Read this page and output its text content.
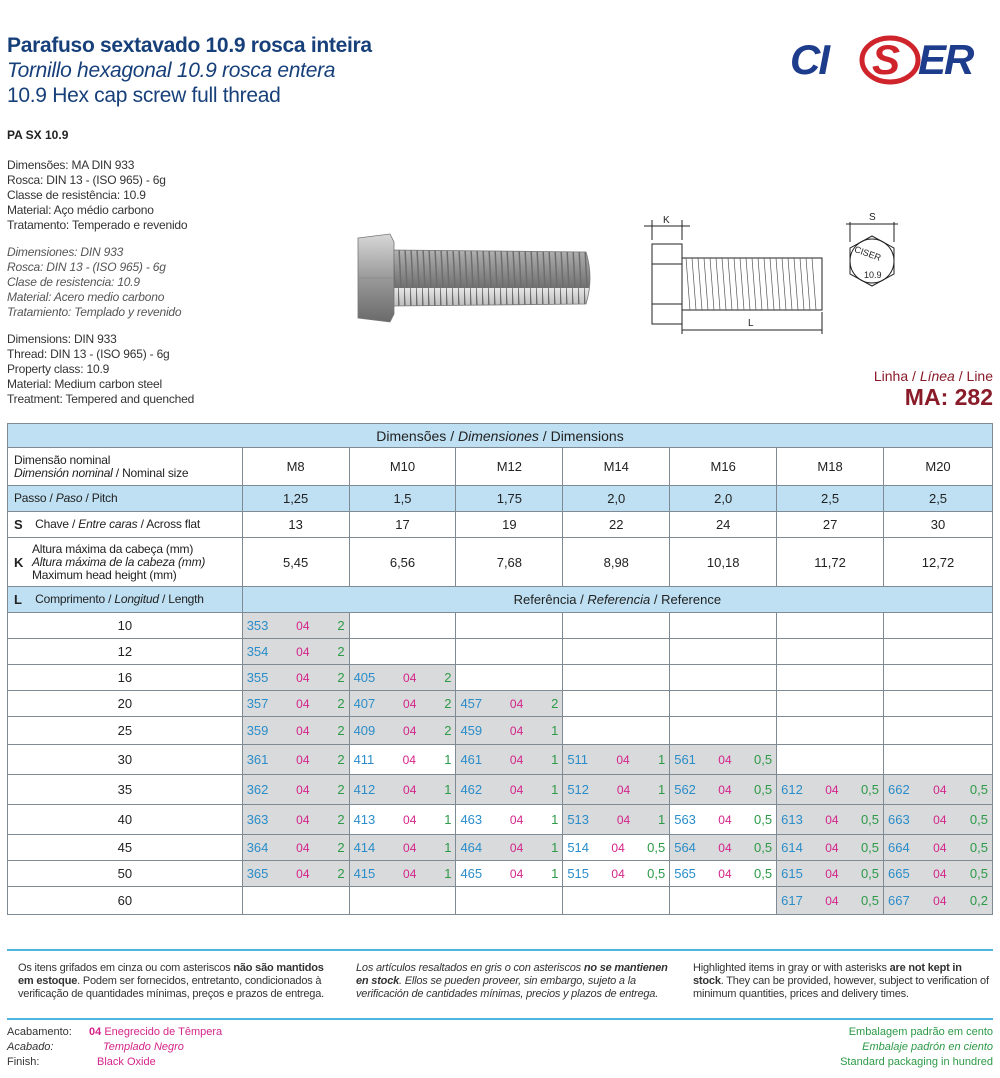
Parafuso sextavado 10.9 rosca inteira
Tornillo hexagonal 10.9 rosca entera
10.9 Hex cap screw full thread
PA SX 10.9
CI S ER
Dimensões: MA DIN 933
Rosca: DIN 13 - (ISO 965) - 6g
Classe de resistência: 10.9
Material: Aço médio carbono
Tratamento: Temperado e revenido
Dimensiones: DIN 933
Rosca: DIN 13 - (ISO 965) - 6g
Clase de resistencia: 10.9
Material: Acero medio carbono
Tratamiento: Templado y revenido
Dimensions: DIN 933
Thread: DIN 13 - (ISO 965) - 6g
Property class: 10.9
Material: Medium carbon steel
Treatment: Tempered and quenched
K
L
S
CISER
10.9
Linha / Línea / Line
MA: 282
Dimensões / Dimensiones / Dimensions
Dimensão nominal
Dimensión nominal / Nominal size	M8	M10	M12	M14	M16	M18	M20
Passo / Paso / Pitch	1,25	1,5	1,75	2,0	2,0	2,5	2,5
S Chave / Entre caras / Across flat	13	17	19	22	24	27	30

K	Altura máxima da cabeça (mm)
Altura máxima de la cabeza (mm)
Maximum head height (mm)
	5,45	6,56	7,68	8,98	10,18	11,72	12,72
L Comprimento / Longitud / Length	Referência / Referencia / Reference
10	353 04 2

12	354 04 2

16	355 04 2	405 04 2

20	357 04 2	407 04 2	457 04 2

25	359 04 2	409 04 2	459 04 1

30	361 04 2	411 04 1	461 04 1	511 04 1	561 04 0,5

35	362 04 2	412 04 1	462 04 1	512 04 1	562 04 0,5	612 04 0,5	662 04 0,5

40	363 04 2	413 04 1	463 04 1	513 04 1	563 04 0,5	613 04 0,5	663 04 0,5

45	364 04 2	414 04 1	464 04 1	514 04 0,5	564 04 0,5	614 04 0,5	664 04 0,5

50	365 04 2	415 04 1	465 04 1	515 04 0,5	565 04 0,5	615 04 0,5	665 04 0,5

60						617 04 0,5	667 04 0,2
Os itens grifados em cinza ou com asteriscos não são mantidos em estoque. Podem ser fornecidos, entretanto, condicionados à verificação de quantidades mínimas, preços e prazos de entrega.
Los artículos resaltados en gris o con asteriscos no se mantienen en stock. Ellos se pueden proveer, sin embargo, sujeto a la verificación de cantidades mínimas, precios y plazos de entrega.
Highlighted items in gray or with asterisks are not kept in stock. They can be provided, however, subject to verification of minimum quantities, prices and delivery times.
Acabamento: 04 Enegrecido de Têmpera
Acabado:	Templado Negro
Finish:	Black Oxide
Embalagem padrão em cento
Embalaje padrón en ciento
Standard packaging in hundred
